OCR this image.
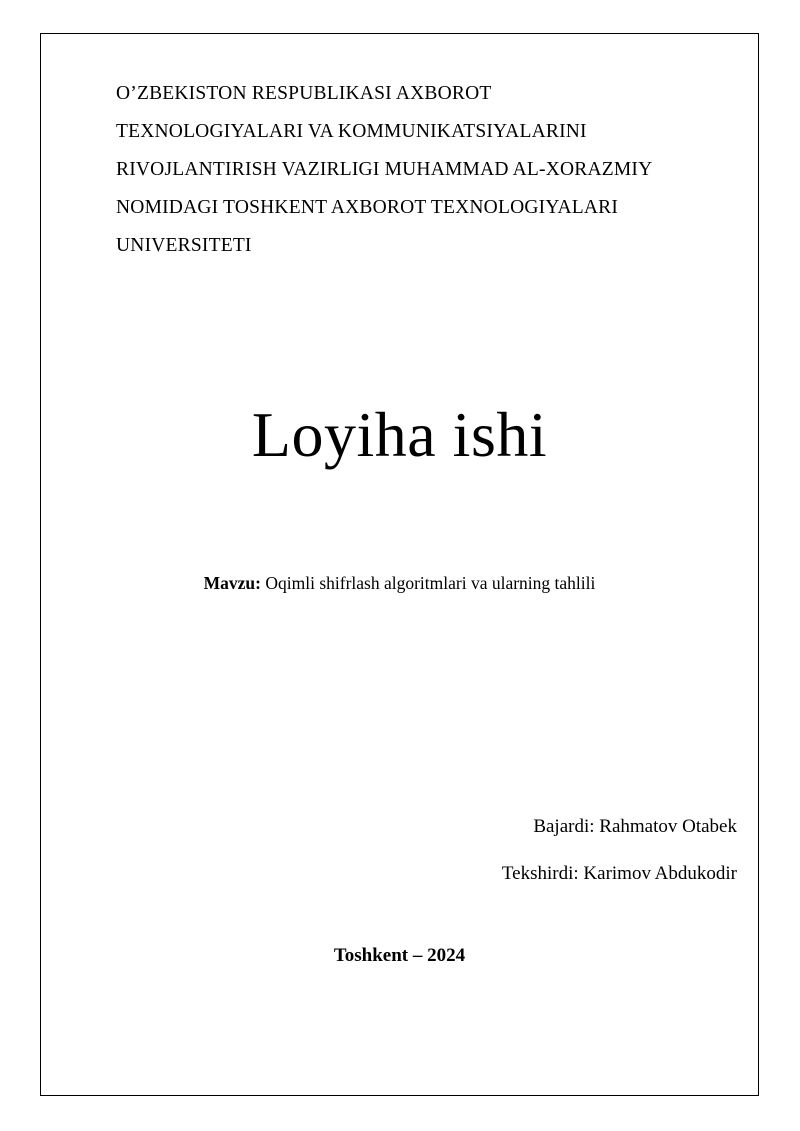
O’ZBEKISTON RESPUBLIKASI AXBOROT
TEXNOLOGIYALARI VA KOMMUNIKATSIYALARINI
RIVOJLANTIRISH VAZIRLIGI MUHAMMAD AL-XORAZMIY
NOMIDAGI TOSHKENT AXBOROT TEXNOLOGIYALARI
UNIVERSITETI
Loyiha ishi
Mavzu: Oqimli shifrlash algoritmlari va ularning tahlili
Bajardi: Rahmatov Otabek
Tekshirdi: Karimov Abdukodir
Toshkent – 2024
